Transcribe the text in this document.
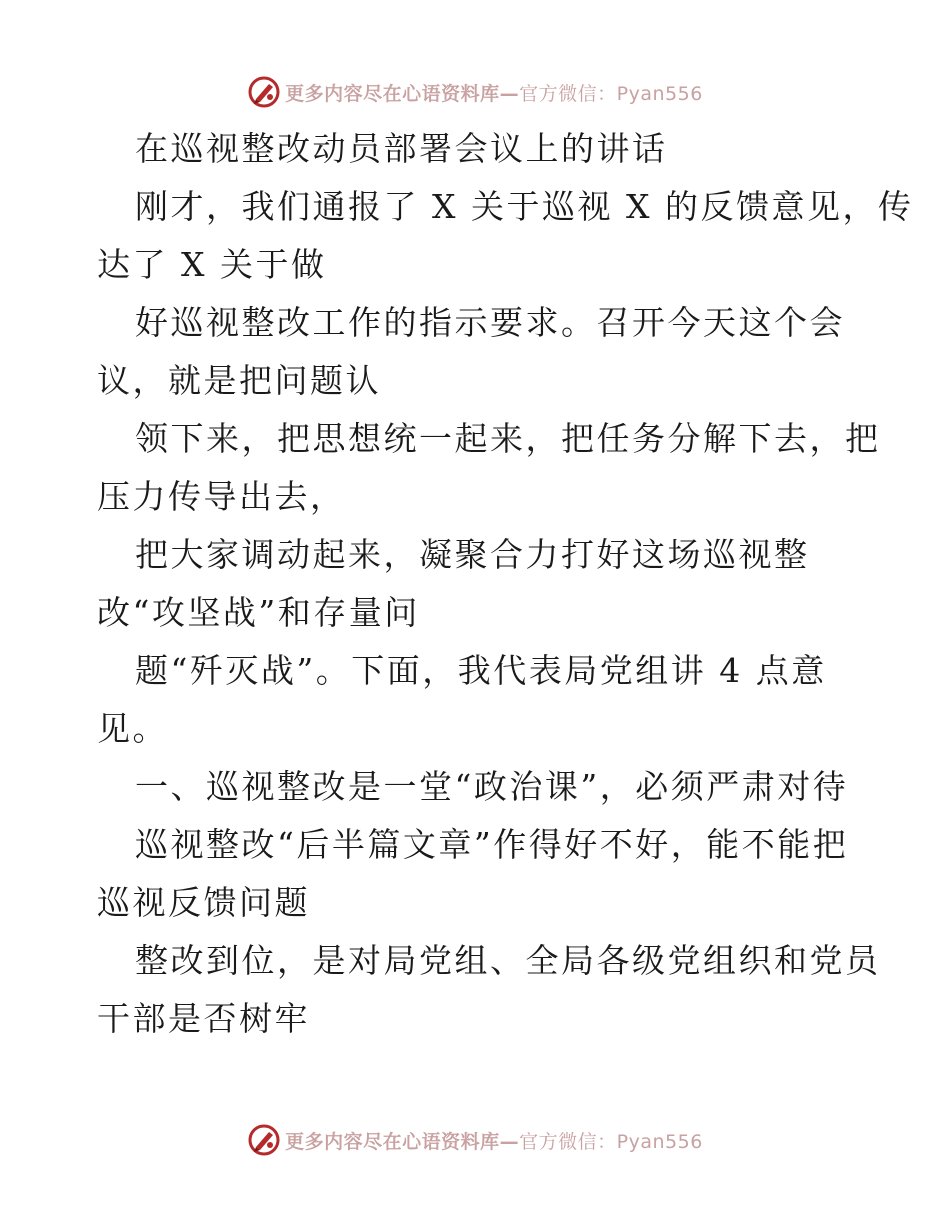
更多内容尽在心语资料库—官方微信：Pyan556
在巡视整改动员部署会议上的讲话
刚才，我们通报了 X 关于巡视 X 的反馈意见，传
达了 X 关于做
好巡视整改工作的指示要求。召开今天这个会
议，就是把问题认
领下来，把思想统一起来，把任务分解下去，把
压力传导出去，
把大家调动起来，凝聚合力打好这场巡视整
改“攻坚战”和存量问
题“歼灭战”。下面，我代表局党组讲 4 点意
见。
一、巡视整改是一堂“政治课”，必须严肃对待
巡视整改“后半篇文章”作得好不好，能不能把
巡视反馈问题
整改到位，是对局党组、全局各级党组织和党员
干部是否树牢
更多内容尽在心语资料库—官方微信：Pyan556
